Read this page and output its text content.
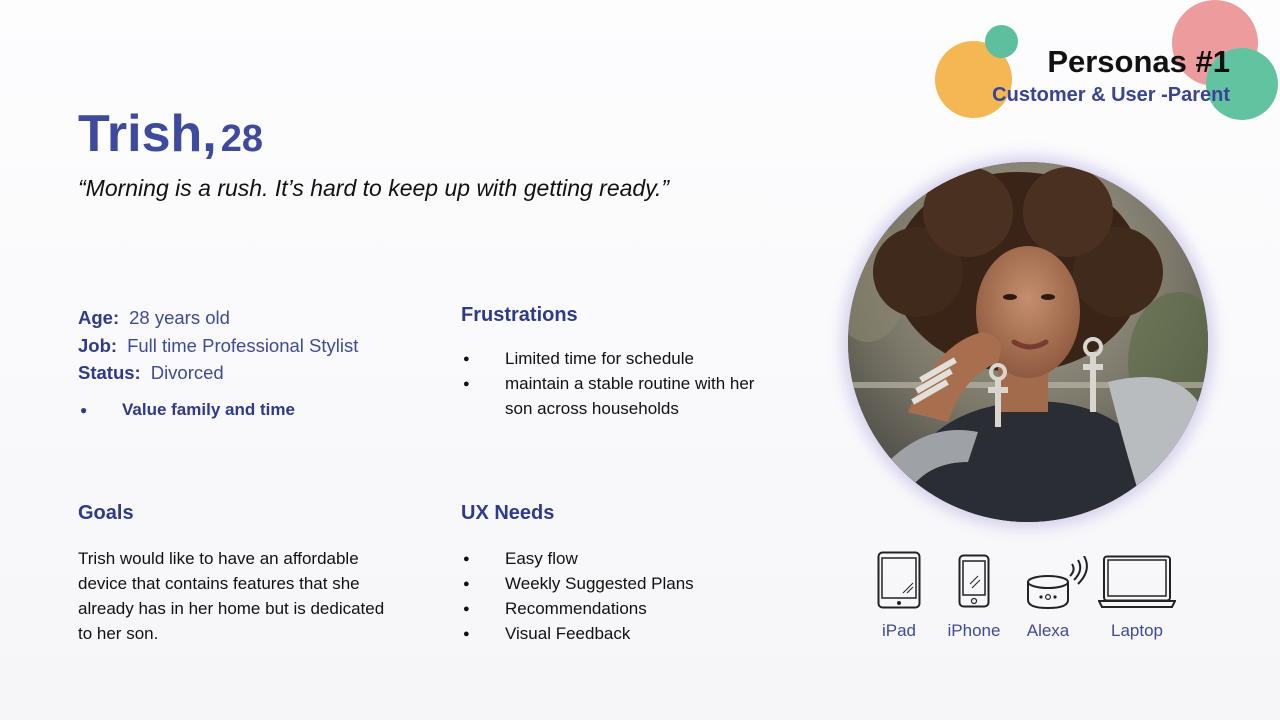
Personas #1
Customer & User -Parent
Trish, 28
“Morning is a rush. It’s hard to keep up with getting ready.”
Age: 28 years old
Job: Full time Professional Stylist
Status: Divorced
● Value family and time
Frustrations
● Limited time for schedule
● maintain a stable routine with her son across households
Goals
Trish would like to have an affordable device that contains features that she already has in her home but is dedicated to her son.
UX Needs
● Easy flow
● Weekly Suggested Plans
● Recommendations
● Visual Feedback	iPad	iPhone	Alexa	Laptop
